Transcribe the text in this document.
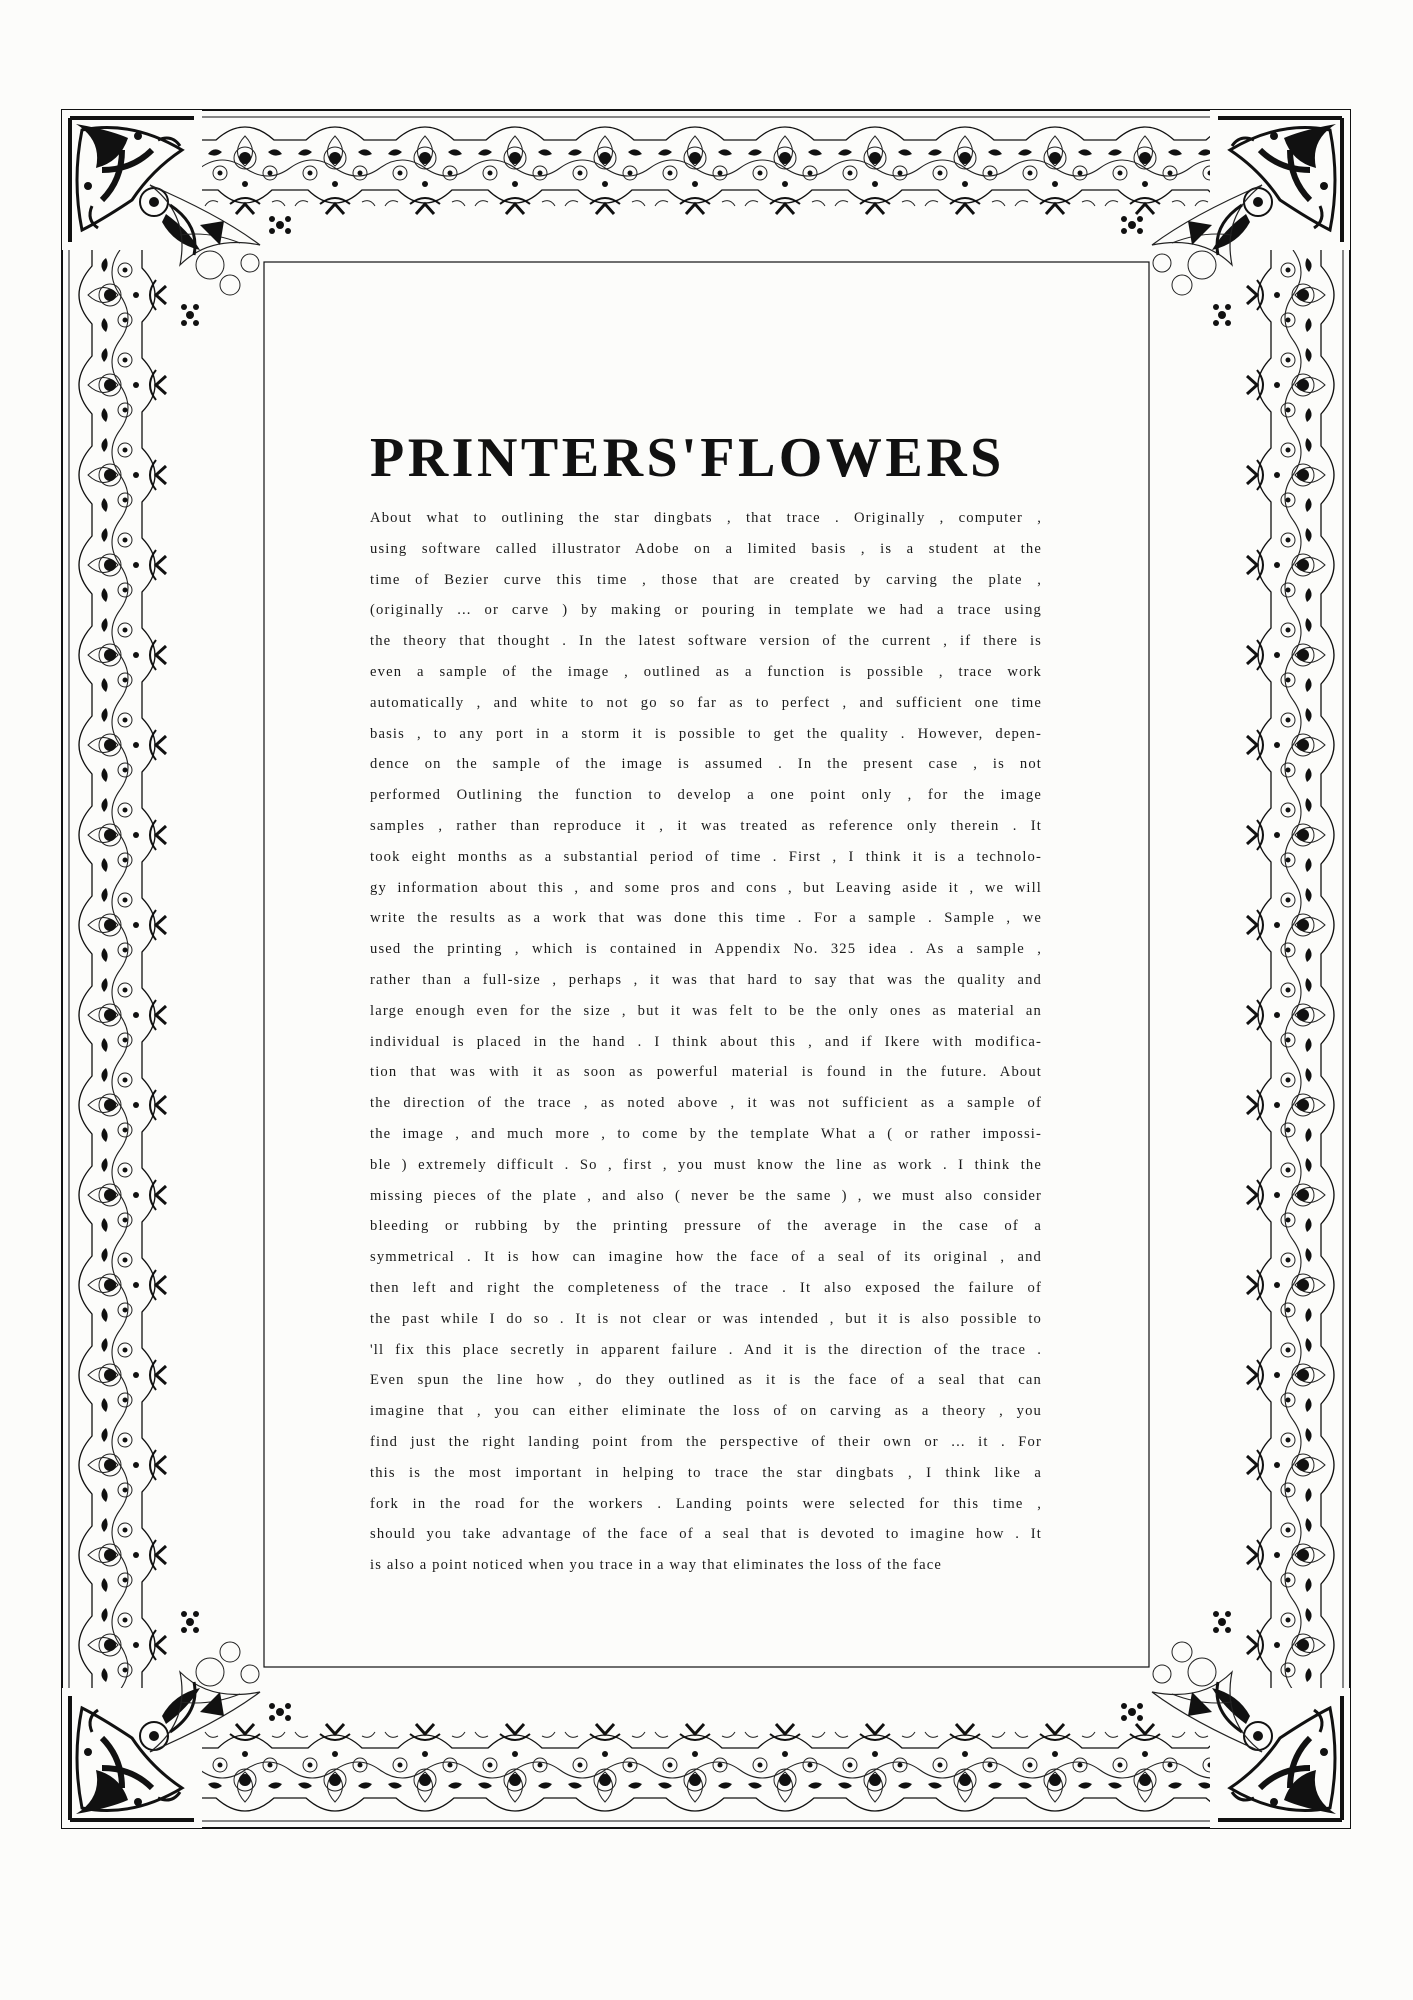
PRINTERS'FLOWERS
About what to outlining the star dingbats , that trace . Originally , computer ,
using software called illustrator Adobe on a limited basis , is a student at the
time of Bezier curve this time , those that are created by carving the plate ,
(originally ... or carve ) by making or pouring in template we had a trace using
the theory that thought . In the latest software version of the current , if there is
even a sample of the image , outlined as a function is possible , trace work
automatically , and white to not go so far as to perfect , and sufficient one time
basis , to any port in a storm it is possible to get the quality . However, depen-
dence on the sample of the image is assumed . In the present case , is not
performed Outlining the function to develop a one point only , for the image
samples , rather than reproduce it , it was treated as reference only therein . It
took eight months as a substantial period of time . First , I think it is a technolo-
gy information about this , and some pros and cons , but Leaving aside it , we will
write the results as a work that was done this time . For a sample . Sample , we
used the printing , which is contained in Appendix No. 325 idea . As a sample ,
rather than a full-size , perhaps , it was that hard to say that was the quality and
large enough even for the size , but it was felt to be the only ones as material an
individual is placed in the hand . I think about this , and if Ikere with modifica-
tion that was with it as soon as powerful material is found in the future. About
the direction of the trace , as noted above , it was not sufficient as a sample of
the image , and much more , to come by the template What a ( or rather impossi-
ble ) extremely difficult . So , first , you must know the line as work . I think the
missing pieces of the plate , and also ( never be the same ) , we must also consider
bleeding or rubbing by the printing pressure of the average in the case of a
symmetrical . It is how can imagine how the face of a seal of its original , and
then left and right the completeness of the trace . It also exposed the failure of
the past while I do so . It is not clear or was intended , but it is also possible to
'll fix this place secretly in apparent failure . And it is the direction of the trace .
Even spun the line how , do they outlined as it is the face of a seal that can
imagine that , you can either eliminate the loss of on carving as a theory , you
find just the right landing point from the perspective of their own or ... it . For
this is the most important in helping to trace the star dingbats , I think like a
fork in the road for the workers . Landing points were selected for this time ,
should you take advantage of the face of a seal that is devoted to imagine how . It
is also a point noticed when you trace in a way that eliminates the loss of the face
